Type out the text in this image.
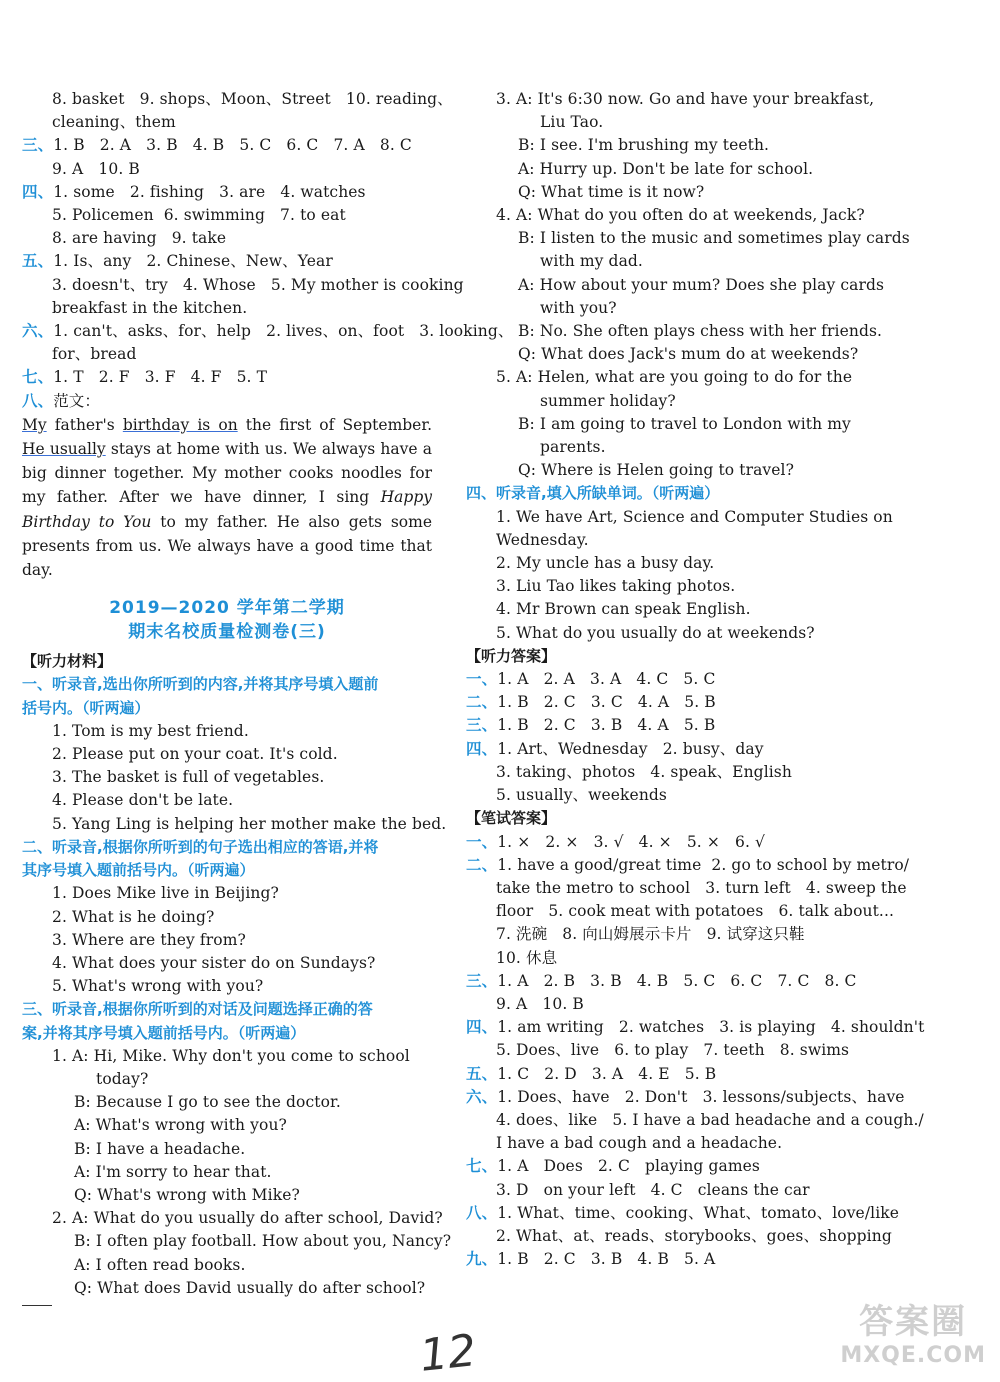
8. basket   9. shops、Moon、Street   10. reading、
cleaning、them
三、1. B   2. A   3. B   4. B   5. C   6. C   7. A   8. C
9. A   10. B
四、1. some   2. fishing   3. are   4. watches
5. Policemen  6. swimming   7. to eat
8. are having   9. take
五、1. Is、any   2. Chinese、New、Year
3. doesn't、try   4. Whose   5. My mother is cooking
breakfast in the kitchen.
六、1. can't、asks、for、help   2. lives、on、foot   3. looking、
for、bread
七、1. T   2. F   3. F   4. F   5. T
八、范文：
My father's birthday is on the first of September. He usually stays at home with us. We always have a big dinner together. My mother cooks noodles for my father. After we have dinner, I sing Happy Birthday to You to my father. He also gets some presents from us. We always have a good time that day.
2019—2020 学年第二学期
期末名校质量检测卷(三)
【听力材料】
一、听录音,选出你所听到的内容,并将其序号填入题前
括号内。（听两遍）
1. Tom is my best friend.
2. Please put on your coat. It's cold.
3. The basket is full of vegetables.
4. Please don't be late.
5. Yang Ling is helping her mother make the bed.
二、听录音,根据你所听到的句子选出相应的答语,并将
其序号填入题前括号内。（听两遍）
1. Does Mike live in Beijing?
2. What is he doing?
3. Where are they from?
4. What does your sister do on Sundays?
5. What's wrong with you?
三、听录音,根据你所听到的对话及问题选择正确的答
案,并将其序号填入题前括号内。（听两遍）
1. A: Hi, Mike. Why don't you come to school
today?
B: Because I go to see the doctor.
A: What's wrong with you?
B: I have a headache.
A: I'm sorry to hear that.
Q: What's wrong with Mike?
2. A: What do you usually do after school, David?
B: I often play football. How about you, Nancy?
A: I often read books.
Q: What does David usually do after school?
3. A: It's 6:30 now. Go and have your breakfast,
Liu Tao.
B: I see. I'm brushing my teeth.
A: Hurry up. Don't be late for school.
Q: What time is it now?
4. A: What do you often do at weekends, Jack?
B: I listen to the music and sometimes play cards
with my dad.
A: How about your mum? Does she play cards
with you?
B: No. She often plays chess with her friends.
Q: What does Jack's mum do at weekends?
5. A: Helen, what are you going to do for the
summer holiday?
B: I am going to travel to London with my
parents.
Q: Where is Helen going to travel?
四、听录音,填入所缺单词。（听两遍）
1. We have Art, Science and Computer Studies on
Wednesday.
2. My uncle has a busy day.
3. Liu Tao likes taking photos.
4. Mr Brown can speak English.
5. What do you usually do at weekends?
【听力答案】
一、1. A   2. A   3. A   4. C   5. C
二、1. B   2. C   3. C   4. A   5. B
三、1. B   2. C   3. B   4. A   5. B
四、1. Art、Wednesday   2. busy、day
3. taking、photos   4. speak、English
5. usually、weekends
【笔试答案】
一、1. ×   2. ×   3. √   4. ×   5. ×   6. √
二、1. have a good/great time  2. go to school by metro/
take the metro to school   3. turn left   4. sweep the
floor   5. cook meat with potatoes   6. talk about...
7. 洗碗   8. 向山姆展示卡片   9. 试穿这只鞋
10. 休息
三、1. A   2. B   3. B   4. B   5. C   6. C   7. C   8. C
9. A   10. B
四、1. am writing   2. watches   3. is playing   4. shouldn't
5. Does、live   6. to play   7. teeth   8. swims
五、1. C   2. D   3. A   4. E   5. B
六、1. Does、have   2. Don't   3. lessons/subjects、have
4. does、like   5. I have a bad headache and a cough./
I have a bad cough and a headache.
七、1. A   Does   2. C   playing games
3. D   on your left   4. C   cleans the car
八、1. What、time、cooking、What、tomato、love/like
2. What、at、reads、storybooks、goes、shopping
九、1. B   2. C   3. B   4. B   5. A
12
答案圈
MXQE.COM
